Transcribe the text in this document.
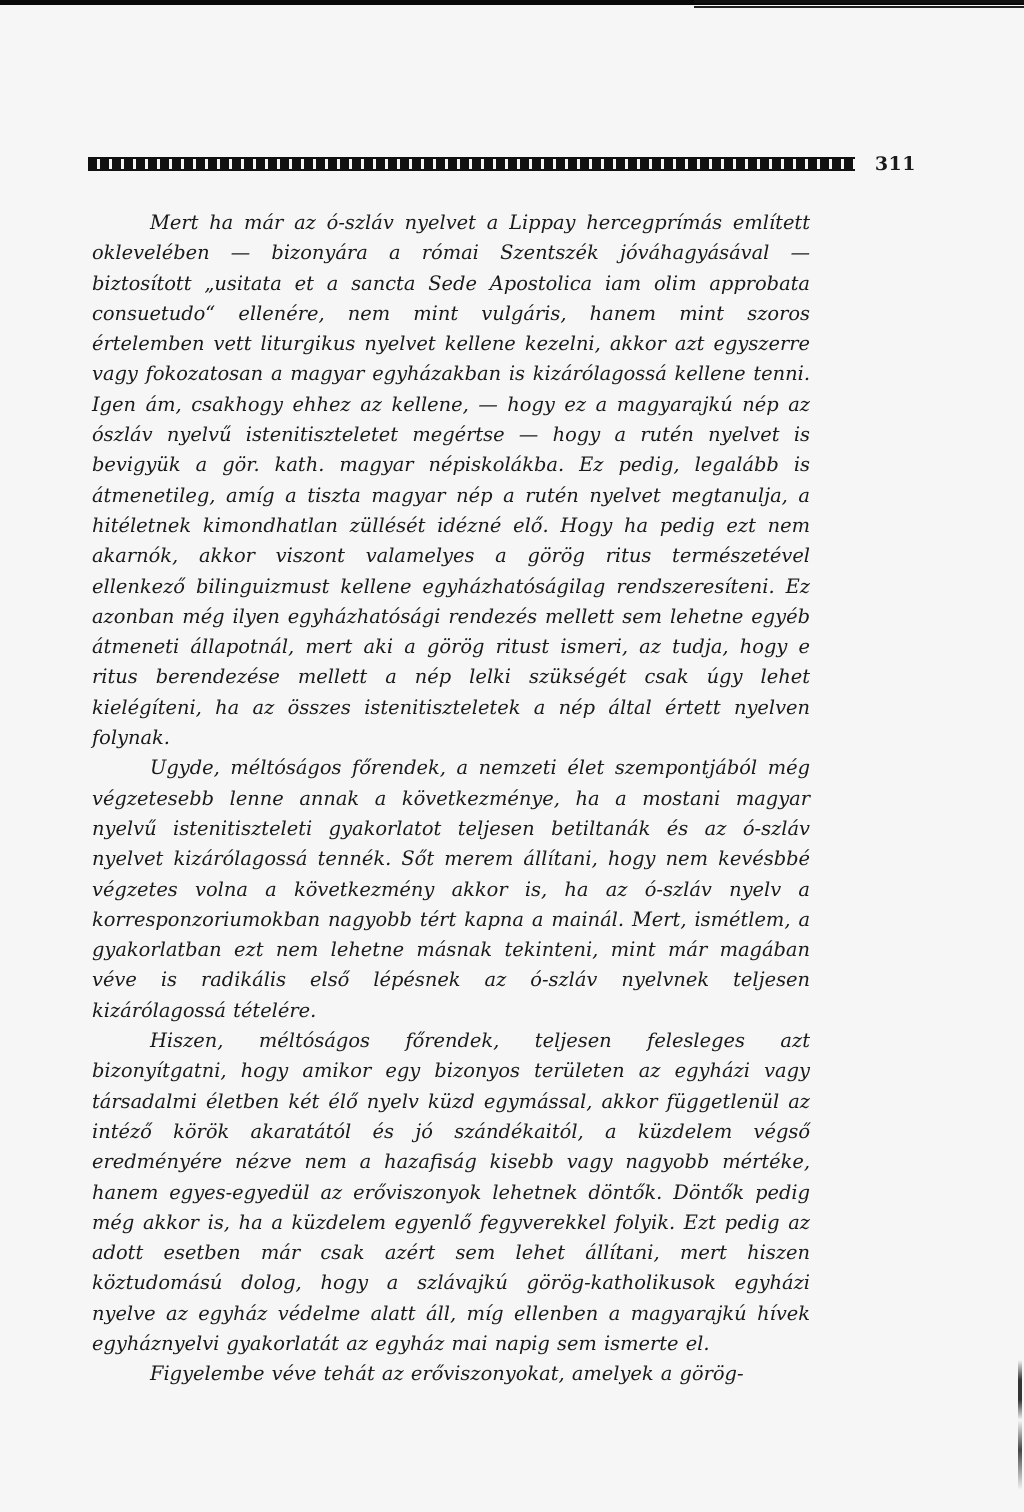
311

Mert ha már az ó-szláv nyelvet a Lippay hercegprímás említett oklevelében — bizonyára a római Szentszék jóváhagyásával — biztosított „usitata et a sancta Sede Apostolica iam olim approbata consuetudo“ ellenére, nem mint vulgáris, hanem mint szoros értelemben vett liturgikus nyelvet kellene kezelni, akkor azt egyszerre vagy fokozatosan a magyar egyházakban is kizárólagossá kellene tenni. Igen ám, csakhogy ehhez az kellene, — hogy ez a magyarajkú nép az ószláv nyelvű istenitiszteletet megértse — hogy a rutén nyelvet is bevigyük a gör. kath. magyar népiskolákba. Ez pedig, legalább is átmenetileg, amíg a tiszta magyar nép a rutén nyelvet megtanulja, a hitéletnek kimondhatlan züllését idézné elő. Hogy ha pedig ezt nem akarnók, akkor viszont valamelyes a görög ritus természetével ellenkező bilinguizmust kellene egyházhatóságilag rendszeresíteni. Ez azonban még ilyen egyházhatósági rendezés mellett sem lehetne egyéb átmeneti állapotnál, mert aki a görög ritust ismeri, az tudja, hogy e ritus berendezése mellett a nép lelki szükségét csak úgy lehet kielégíteni, ha az összes istenitiszteletek a nép által értett nyelven folynak.

Ugyde, méltóságos főrendek, a nemzeti élet szempontjából még végzetesebb lenne annak a következménye, ha a mostani magyar nyelvű istenitiszteleti gyakorlatot teljesen betiltanák és az ó-szláv nyelvet kizárólagossá tennék. Sőt merem állítani, hogy nem kevésbbé végzetes volna a következmény akkor is, ha az ó-szláv nyelv a korresponzoriumokban nagyobb tért kapna a mainál. Mert, ismétlem, a gyakorlatban ezt nem lehetne másnak tekinteni, mint már magában véve is radikális első lépésnek az ó-szláv nyelvnek teljesen kizárólagossá tételére.

Hiszen, méltóságos főrendek, teljesen felesleges azt bizonyítgatni, hogy amikor egy bizonyos területen az egyházi vagy társadalmi életben két élő nyelv küzd egymással, akkor függetlenül az intéző körök akaratától és jó szándékaitól, a küzdelem végső eredményére nézve nem a hazafiság kisebb vagy nagyobb mértéke, hanem egyes-egyedül az erőviszonyok lehetnek döntők. Döntők pedig még akkor is, ha a küzdelem egyenlő fegyverekkel folyik. Ezt pedig az adott esetben már csak azért sem lehet állítani, mert hiszen köztudomású dolog, hogy a szlávajkú görög-katholikusok egyházi nyelve az egyház védelme alatt áll, míg ellenben a magyarajkú hívek egyháznyelvi gyakorlatát az egyház mai napig sem ismerte el.

Figyelembe véve tehát az erőviszonyokat, amelyek a görög-
